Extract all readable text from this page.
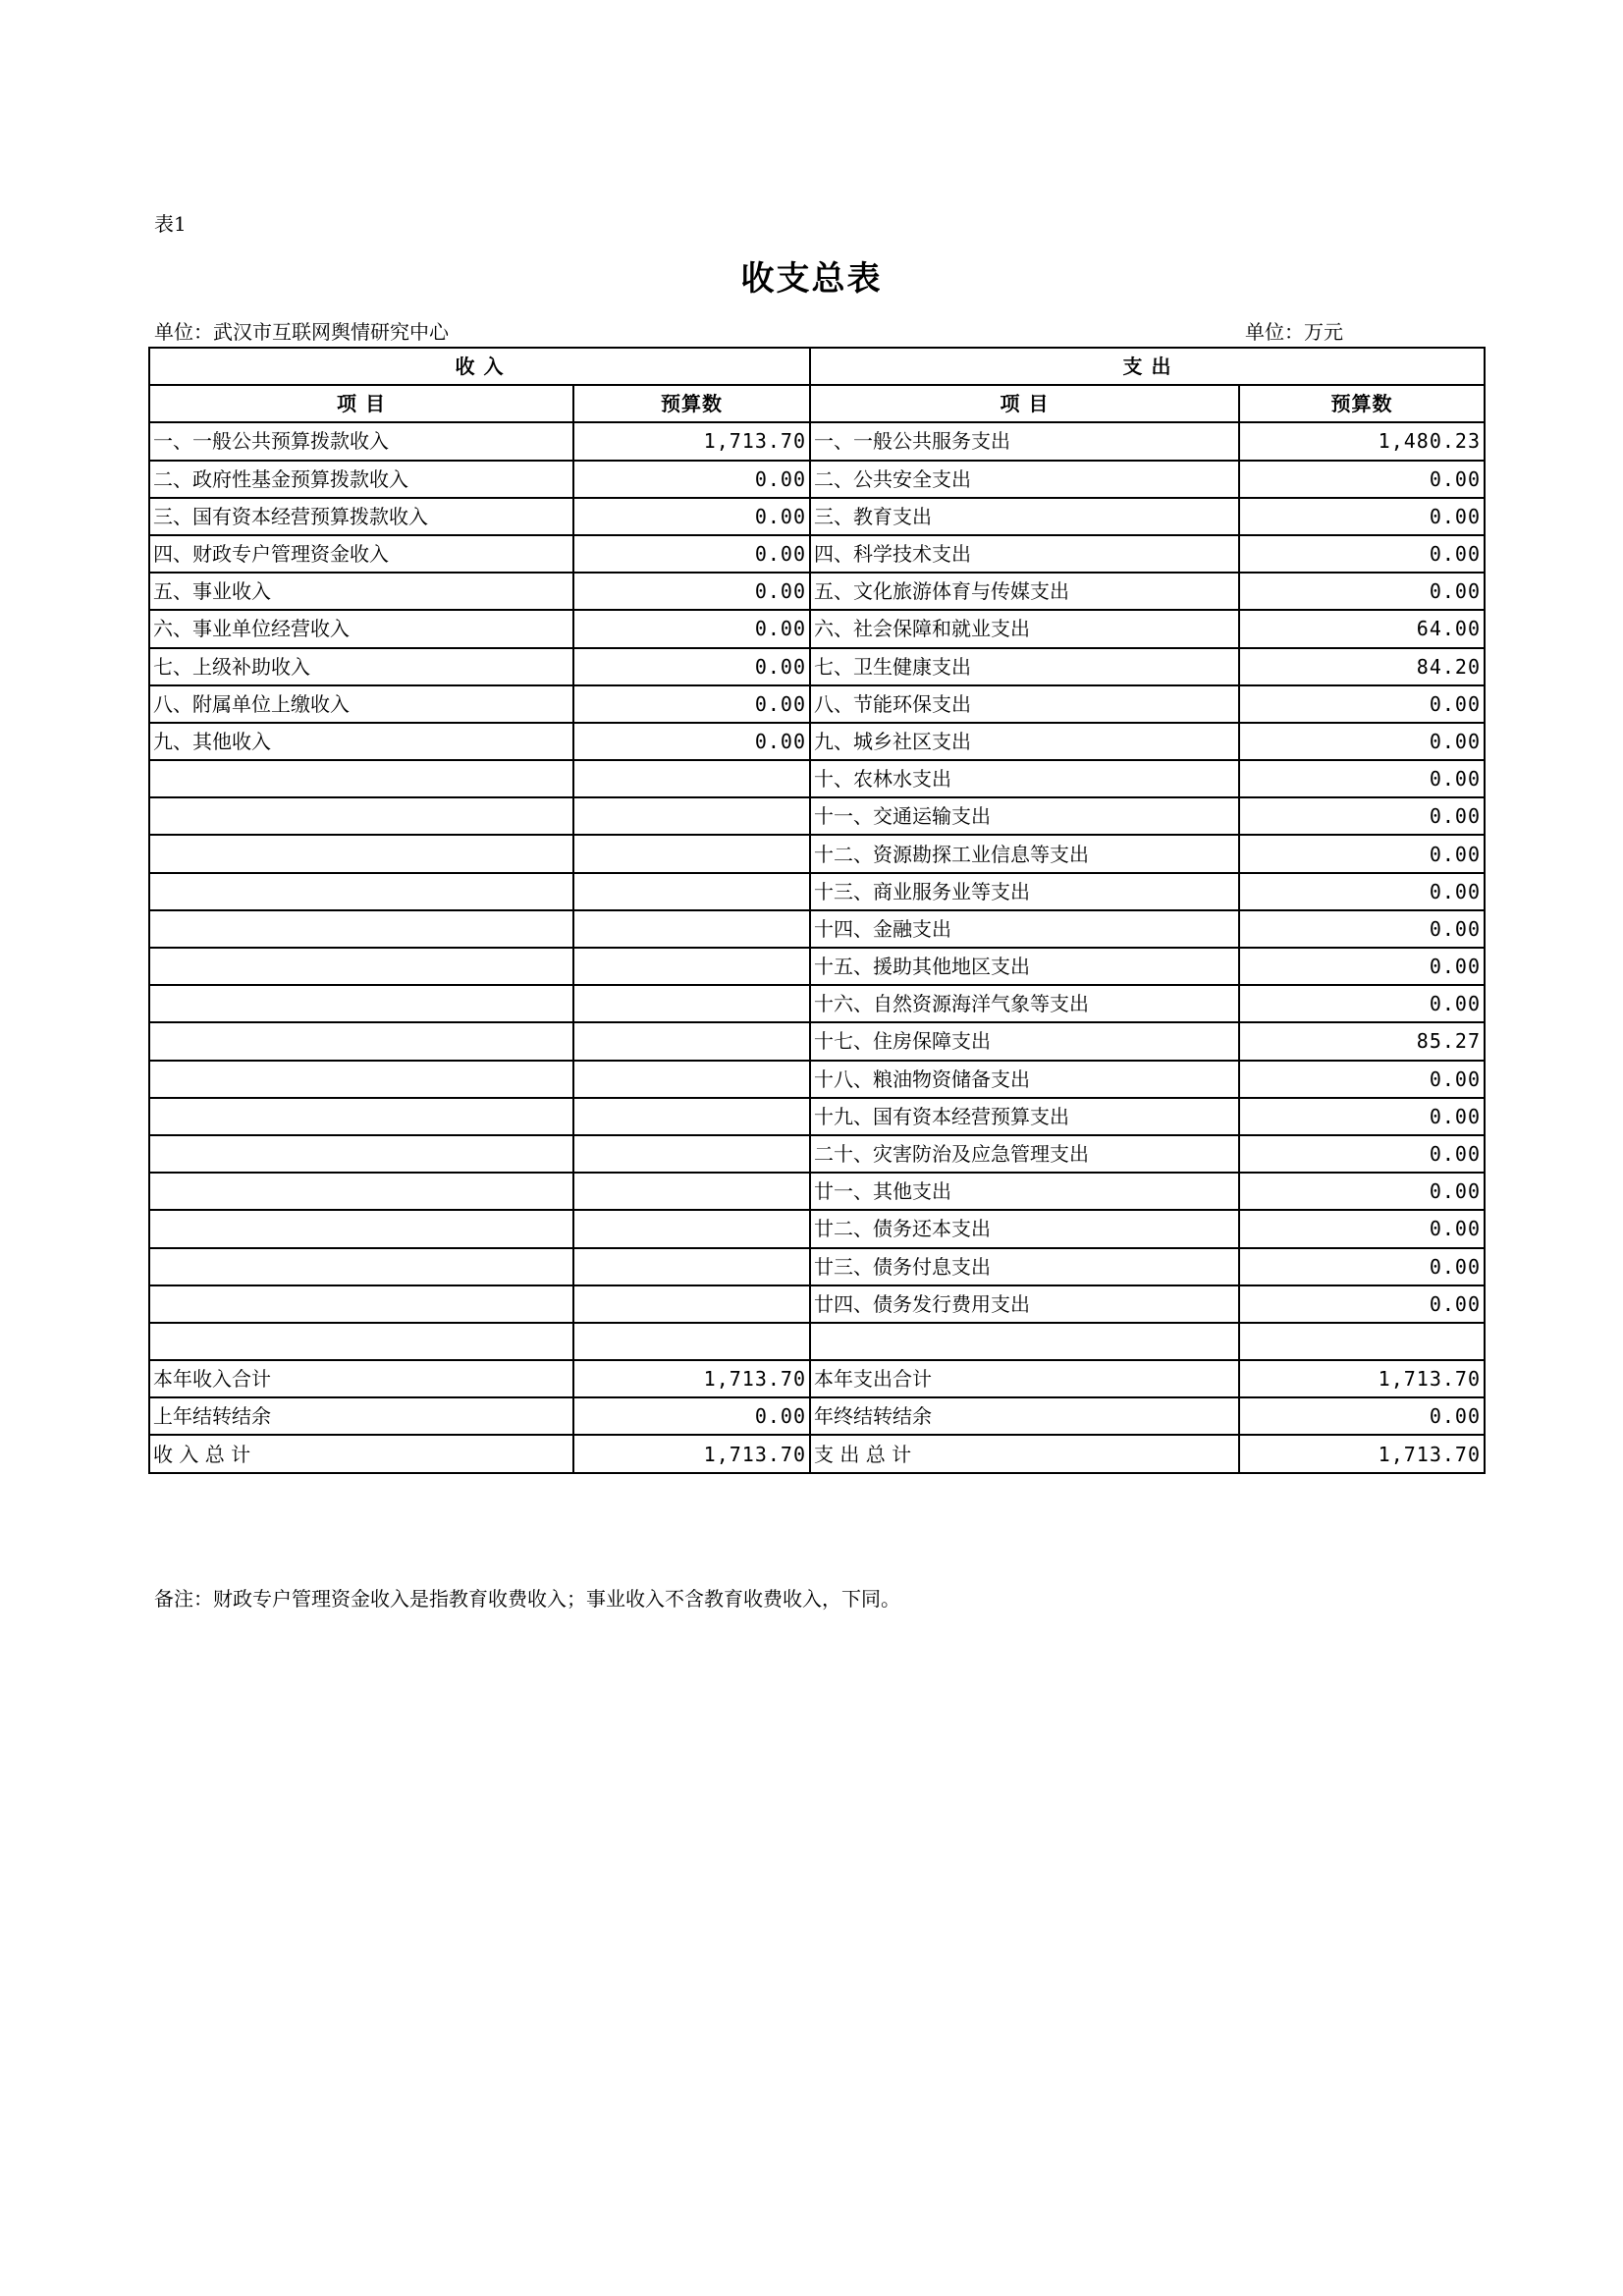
表1
收支总表
单位：武汉市互联网舆情研究中心	单位：万元
收 入		支 出	
项 目	预算数	项 目	预算数
一、一般公共预算拨款收入	1,713.70	一、一般公共服务支出	1,480.23
二、政府性基金预算拨款收入	0.00	二、公共安全支出	0.00
三、国有资本经营预算拨款收入	0.00	三、教育支出	0.00
四、财政专户管理资金收入	0.00	四、科学技术支出	0.00
五、事业收入	0.00	五、文化旅游体育与传媒支出	0.00
六、事业单位经营收入	0.00	六、社会保障和就业支出	64.00
七、上级补助收入	0.00	七、卫生健康支出	84.20
八、附属单位上缴收入	0.00	八、节能环保支出	0.00
九、其他收入	0.00	九、城乡社区支出	0.00
		十、农林水支出	0.00
		十一、交通运输支出	0.00
		十二、资源勘探工业信息等支出	0.00
		十三、商业服务业等支出	0.00
		十四、金融支出	0.00
		十五、援助其他地区支出	0.00
		十六、自然资源海洋气象等支出	0.00
		十七、住房保障支出	85.27
		十八、粮油物资储备支出	0.00
		十九、国有资本经营预算支出	0.00
		二十、灾害防治及应急管理支出	0.00
		廿一、其他支出	0.00
		廿二、债务还本支出	0.00
		廿三、债务付息支出	0.00
		廿四、债务发行费用支出	0.00

本年收入合计	1,713.70	本年支出合计	1,713.70
上年结转结余	0.00	年终结转结余	0.00
收 入 总 计	1,713.70	支 出 总 计	1,713.70
备注：财政专户管理资金收入是指教育收费收入；事业收入不含教育收费收入，下同。
